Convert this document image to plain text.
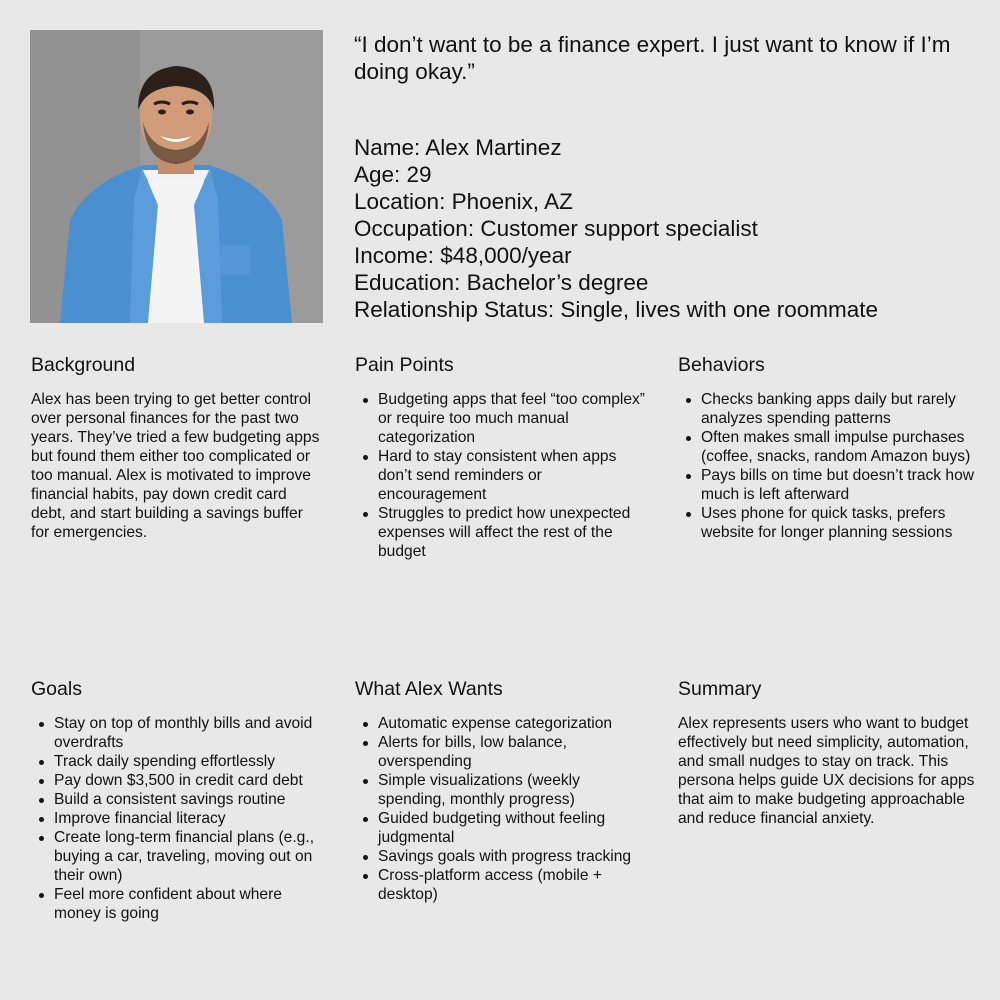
“I don’t want to be a finance expert. I just want to know if I’m doing okay.”

Name: Alex Martinez
Age: 29
Location: Phoenix, AZ
Occupation: Customer support specialist
Income: $48,000/year
Education: Bachelor’s degree
Relationship Status: Single, lives with one roommate
Background

Alex has been trying to get better control over personal finances for the past two years. They’ve tried a few budgeting apps but found them either too complicated or too manual. Alex is motivated to improve financial habits, pay down credit card debt, and start building a savings buffer for emergencies.

Pain Points
Budgeting apps that feel “too complex” or require too much manual categorization
Hard to stay consistent when apps don’t send reminders or encouragement
Struggles to predict how unexpected expenses will affect the rest of the budget
Behaviors
Checks banking apps daily but rarely analyzes spending patterns
Often makes small impulse purchases (coffee, snacks, random Amazon buys)
Pays bills on time but doesn’t track how much is left afterward
Uses phone for quick tasks, prefers website for longer planning sessions
Goals
Stay on top of monthly bills and avoid overdrafts
Track daily spending effortlessly
Pay down $3,500 in credit card debt
Build a consistent savings routine
Improve financial literacy
Create long-term financial plans (e.g., buying a car, traveling, moving out on their own)
Feel more confident about where money is going
What Alex Wants
Automatic expense categorization
Alerts for bills, low balance, overspending
Simple visualizations (weekly spending, monthly progress)
Guided budgeting without feeling judgmental
Savings goals with progress tracking
Cross-platform access (mobile + desktop)
Summary

Alex represents users who want to budget effectively but need simplicity, automation, and small nudges to stay on track. This persona helps guide UX decisions for apps that aim to make budgeting approachable and reduce financial anxiety.
